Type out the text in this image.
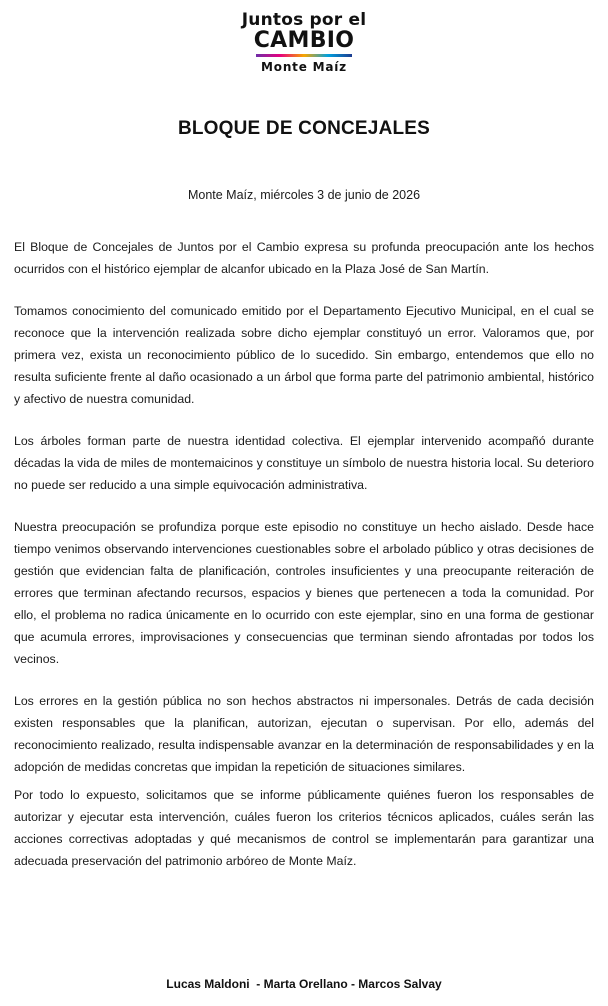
Juntos por el
CAMBIO
Monte Maíz
BLOQUE DE CONCEJALES
Monte Maíz, miércoles 3 de junio de 2026

El Bloque de Concejales de Juntos por el Cambio expresa su profunda preocupación ante los hechos ocurridos con el histórico ejemplar de alcanfor ubicado en la Plaza José de San Martín.

Tomamos conocimiento del comunicado emitido por el Departamento Ejecutivo Municipal, en el cual se reconoce que la intervención realizada sobre dicho ejemplar constituyó un error. Valoramos que, por primera vez, exista un reconocimiento público de lo sucedido. Sin embargo, entendemos que ello no resulta suficiente frente al daño ocasionado a un árbol que forma parte del patrimonio ambiental, histórico y afectivo de nuestra comunidad.

Los árboles forman parte de nuestra identidad colectiva. El ejemplar intervenido acompañó durante décadas la vida de miles de montemaicinos y constituye un símbolo de nuestra historia local. Su deterioro no puede ser reducido a una simple equivocación administrativa.

Nuestra preocupación se profundiza porque este episodio no constituye un hecho aislado. Desde hace tiempo venimos observando intervenciones cuestionables sobre el arbolado público y otras decisiones de gestión que evidencian falta de planificación, controles insuficientes y una preocupante reiteración de errores que terminan afectando recursos, espacios y bienes que pertenecen a toda la comunidad. Por ello, el problema no radica únicamente en lo ocurrido con este ejemplar, sino en una forma de gestionar que acumula errores, improvisaciones y consecuencias que terminan siendo afrontadas por todos los vecinos.

Los errores en la gestión pública no son hechos abstractos ni impersonales. Detrás de cada decisión existen responsables que la planifican, autorizan, ejecutan o supervisan. Por ello, además del reconocimiento realizado, resulta indispensable avanzar en la determinación de responsabilidades y en la adopción de medidas concretas que impidan la repetición de situaciones similares.

Por todo lo expuesto, solicitamos que se informe públicamente quiénes fueron los responsables de autorizar y ejecutar esta intervención, cuáles fueron los criterios técnicos aplicados, cuáles serán las acciones correctivas adoptadas y qué mecanismos de control se implementarán para garantizar una adecuada preservación del patrimonio arbóreo de Monte Maíz.

Lucas Maldoni  - Marta Orellano - Marcos Salvay
